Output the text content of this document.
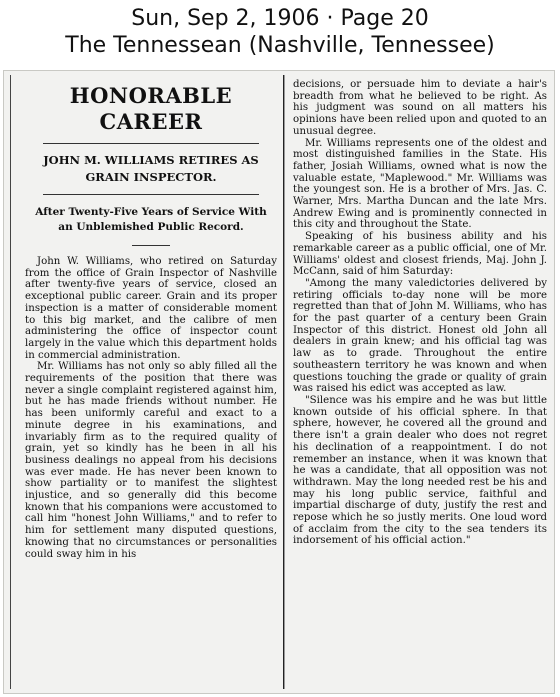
Sun, Sep 2, 1906 · Page 20
The Tennessean (Nashville, Tennessee)
HONORABLE CAREER
JOHN M. WILLIAMS RETIRES AS GRAIN INSPECTOR.
After Twenty-Five Years of Service With an Unblemished Public Record.

John W. Williams, who retired on Saturday from the office of Grain Inspector of Nashville after twenty-five years of service, closed an exceptional public career. Grain and its proper inspection is a matter of considerable moment to this big market, and the calibre of men administering the office of inspector count largely in the value which this department holds in commercial administration.

Mr. Williams has not only so ably filled all the requirements of the position that there was never a single complaint registered against him, but he has made friends without number. He has been uniformly careful and exact to a minute degree in his examinations, and invariably firm as to the required quality of grain, yet so kindly has he been in all his business dealings no appeal from his decisions was ever made. He has never been known to show partiality or to manifest the slightest injustice, and so generally did this become known that his companions were accustomed to call him "honest John Williams," and to refer to him for settlement many disputed questions, knowing that no circumstances or personalities could sway him in his

decisions, or persuade him to deviate a hair's breadth from what he believed to be right. As his judgment was sound on all matters his opinions have been relied upon and quoted to an unusual degree.

Mr. Williams represents one of the oldest and most distinguished families in the State. His father, Josiah Williams, owned what is now the valuable estate, "Maplewood." Mr. Williams was the youngest son. He is a brother of Mrs. Jas. C. Warner, Mrs. Martha Duncan and the late Mrs. Andrew Ewing and is prominently connected in this city and throughout the State.

Speaking of his business ability and his remarkable career as a public official, one of Mr. Williams' oldest and closest friends, Maj. John J. McCann, said of him Saturday:

"Among the many valedictories delivered by retiring officials to-day none will be more regretted than that of John M. Williams, who has for the past quarter of a century been Grain Inspector of this district. Honest old John all dealers in grain knew; and his official tag was law as to grade. Throughout the entire southeastern territory he was known and when questions touching the grade or quality of grain was raised his edict was accepted as law.

"Silence was his empire and he was but little known outside of his official sphere. In that sphere, however, he covered all the ground and there isn't a grain dealer who does not regret his declination of a reappointment. I do not remember an instance, when it was known that he was a candidate, that all opposition was not withdrawn. May the long needed rest be his and may his long public service, faithful and impartial discharge of duty, justify the rest and repose which he so justly merits. One loud word of acclaim from the city to the sea tenders its indorsement of his official action."
